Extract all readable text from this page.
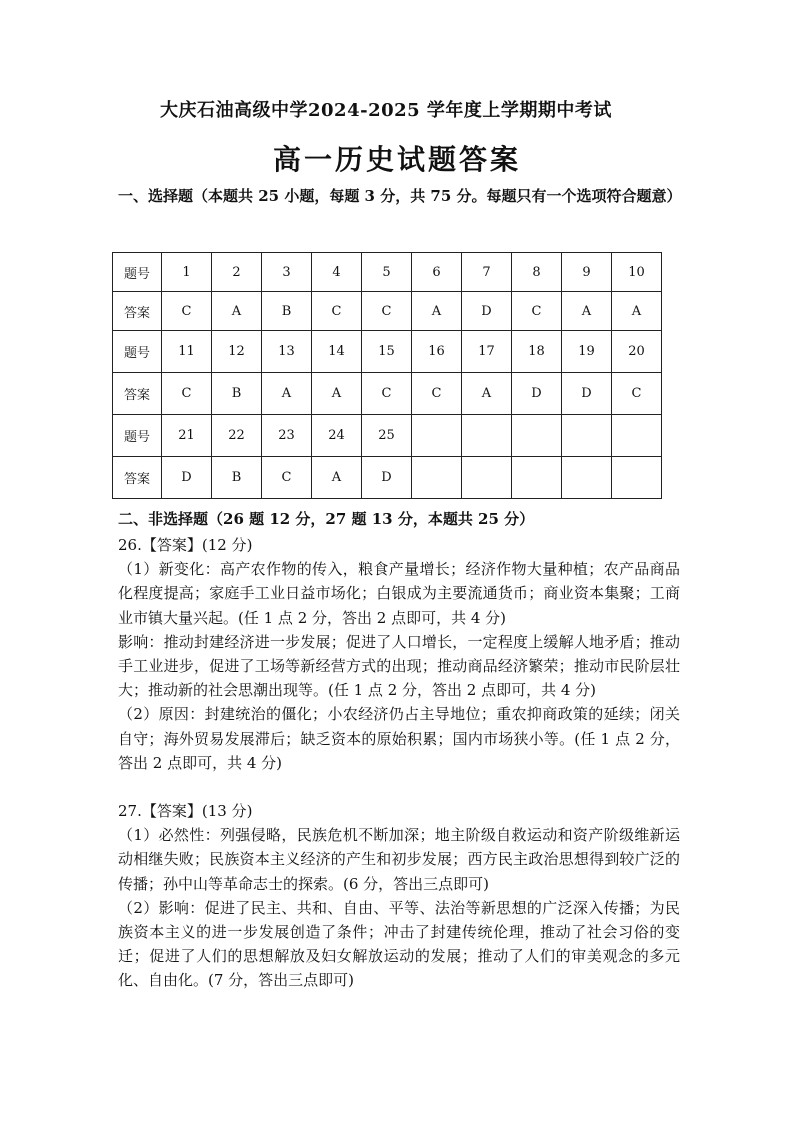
大庆石油高级中学2024-2025 学年度上学期期中考试
高一历史试题答案
一、选择题（本题共 25 小题，每题 3 分，共 75 分。每题只有一个选项符合题意）
题号	1	2	3	4	5	6	7	8	9	10
答案	C	A	B	C	C	A	D	C	A	A
题号	11	12	13	14	15	16	17	18	19	20
答案	C	B	A	A	C	C	A	D	D	C
题号	21	22	23	24	25					
答案	D	B	C	A	D					
二、非选择题（26 题 12 分，27 题 13 分，本题共 25 分）

26.【答案】(12 分)

（1）新变化：高产农作物的传入，粮食产量增长；经济作物大量种植；农产品商品化程度提高；家庭手工业日益市场化；白银成为主要流通货币；商业资本集聚；工商业市镇大量兴起。(任 1 点 2 分，答出 2 点即可，共 4 分)

影响：推动封建经济进一步发展；促进了人口增长，一定程度上缓解人地矛盾；推动手工业进步，促进了工场等新经营方式的出现；推动商品经济繁荣；推动市民阶层壮大；推动新的社会思潮出现等。(任 1 点 2 分，答出 2 点即可，共 4 分)

（2）原因：封建统治的僵化；小农经济仍占主导地位；重农抑商政策的延续；闭关自守；海外贸易发展滞后；缺乏资本的原始积累；国内市场狭小等。(任 1 点 2 分，答出 2 点即可，共 4 分)

27.【答案】(13 分)

（1）必然性：列强侵略，民族危机不断加深；地主阶级自救运动和资产阶级维新运动相继失败；民族资本主义经济的产生和初步发展；西方民主政治思想得到较广泛的传播；孙中山等革命志士的探索。(6 分，答出三点即可)

（2）影响：促进了民主、共和、自由、平等、法治等新思想的广泛深入传播；为民族资本主义的进一步发展创造了条件；冲击了封建传统伦理，推动了社会习俗的变迁；促进了人们的思想解放及妇女解放运动的发展；推动了人们的审美观念的多元化、自由化。(7 分，答出三点即可)
